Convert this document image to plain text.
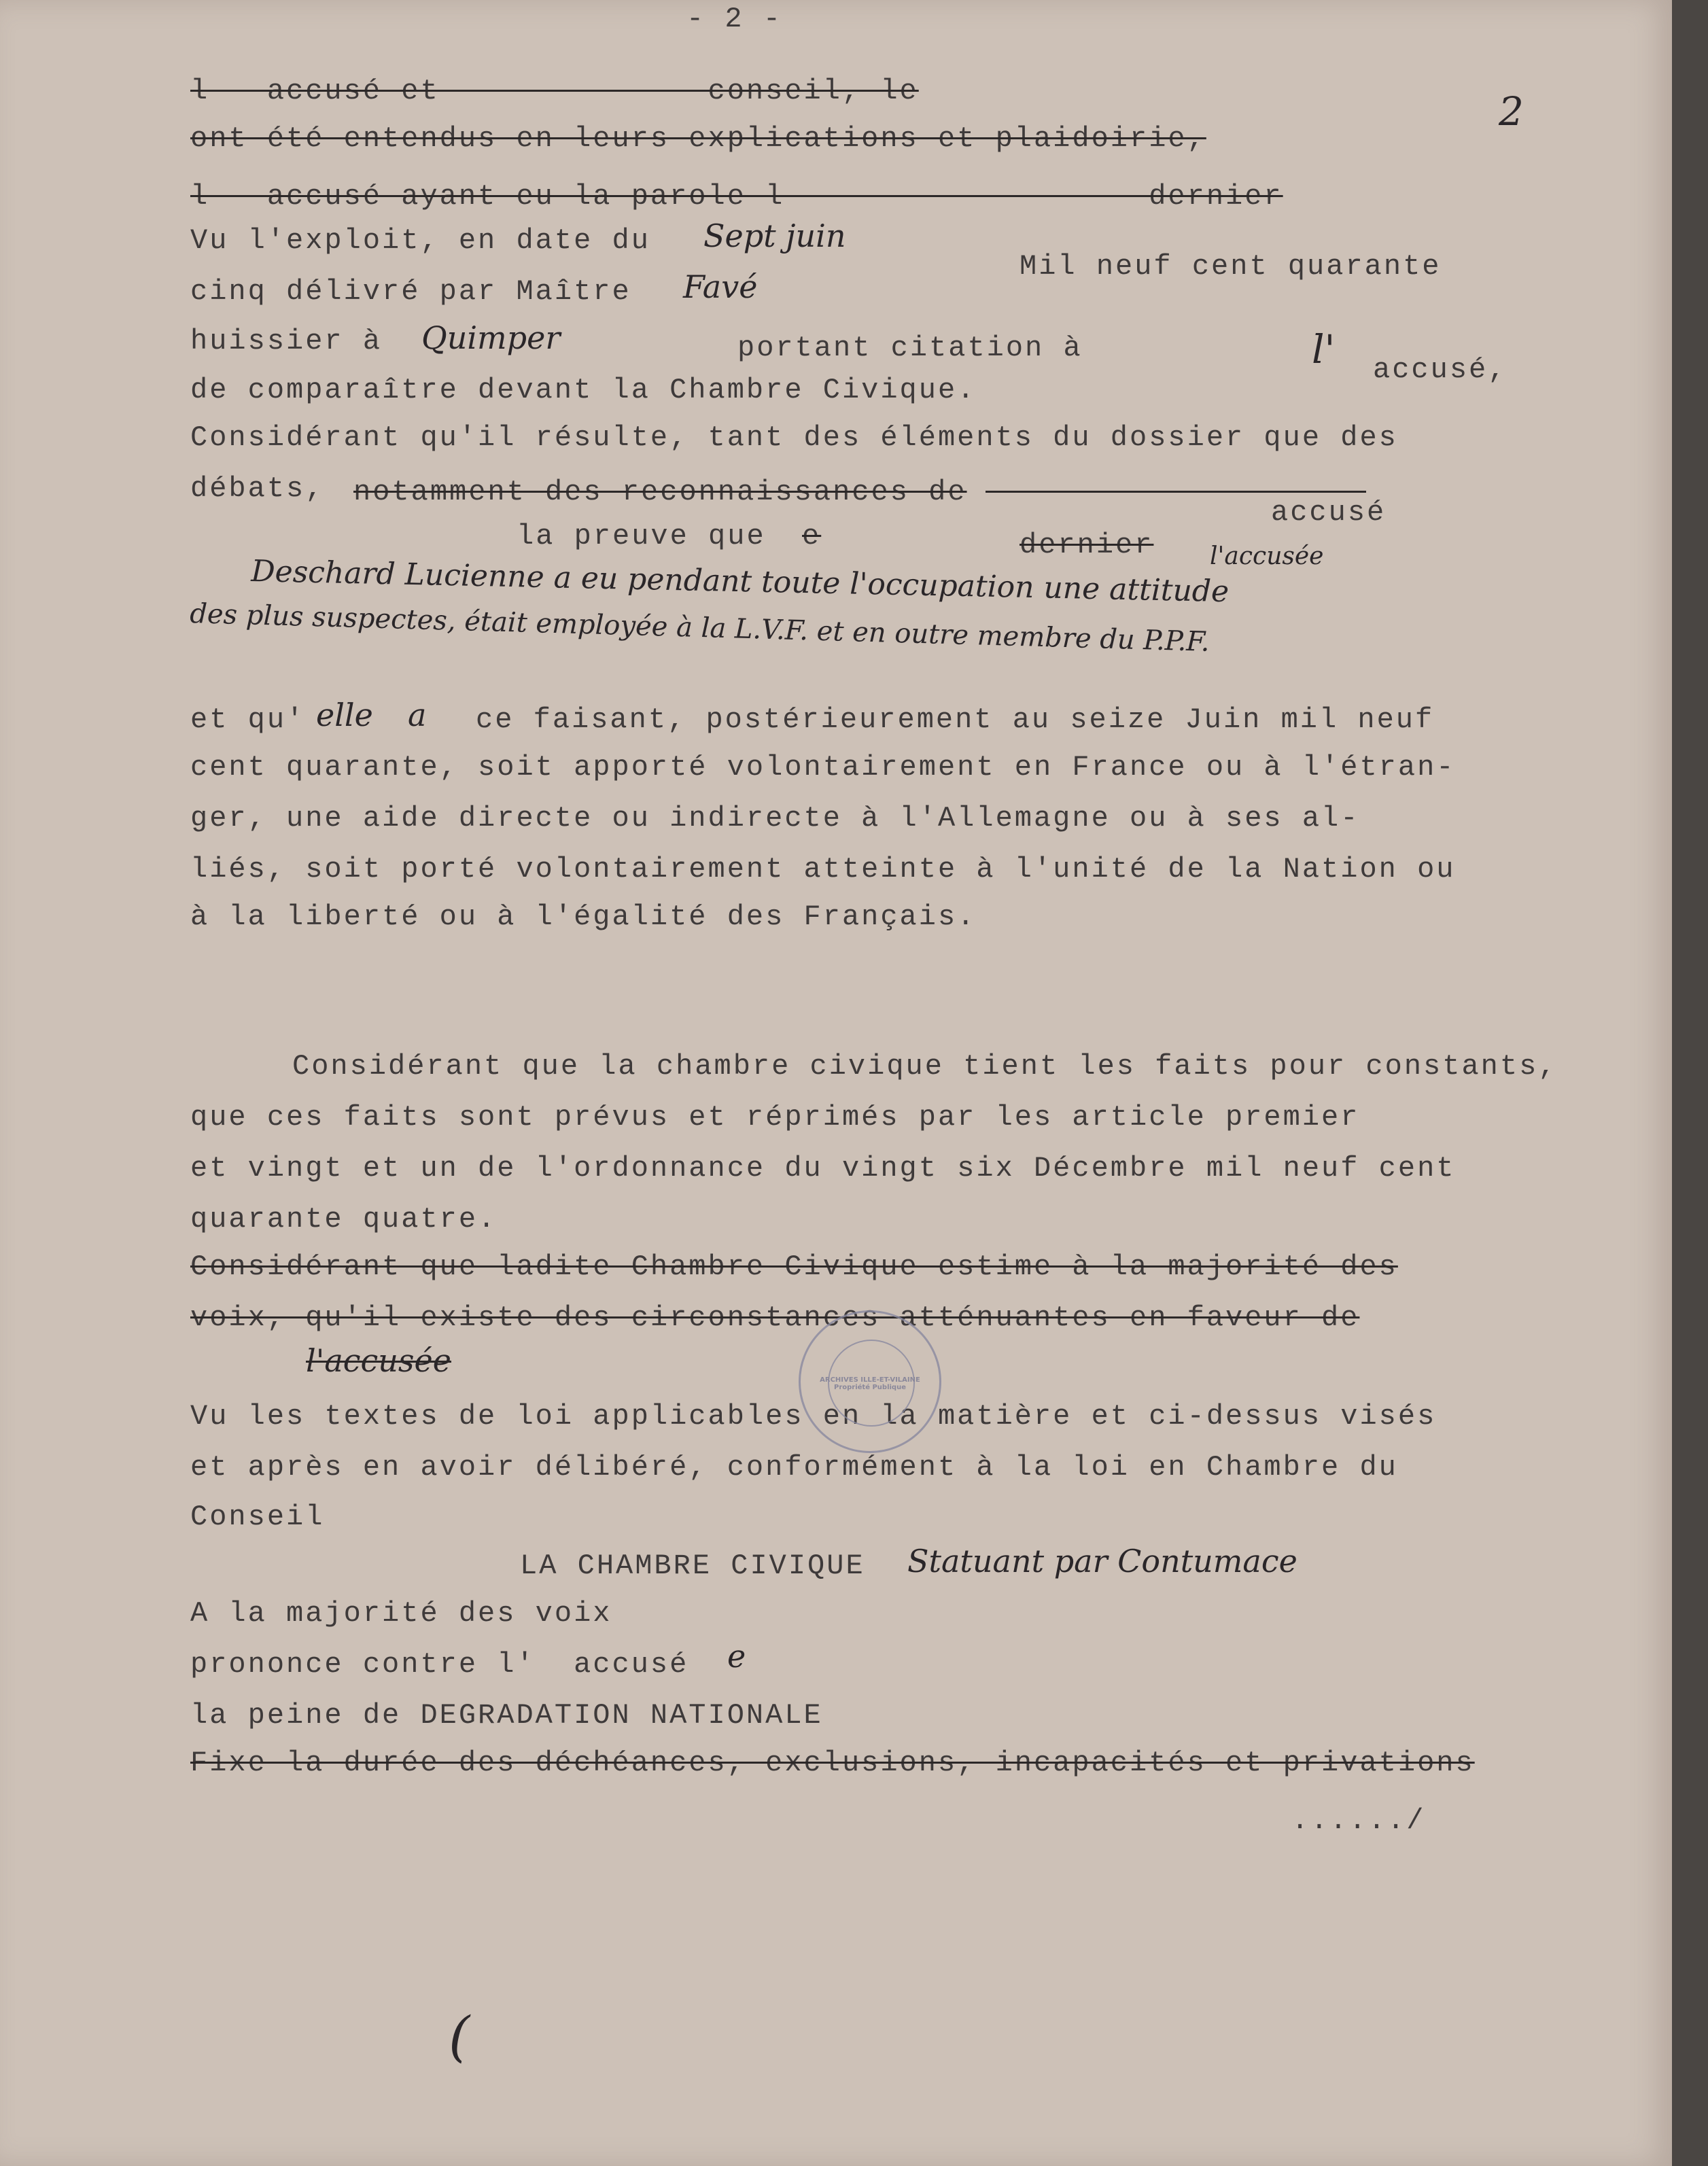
- 2 -
2
l   accusé et              conseil, le
ont été entendus en leurs explications et plaidoirie,
l   accusé ayant eu la parole l                   dernier
Vu l'exploit, en date du Sept juin
Mil neuf cent quarante
cinq délivré par Maître Favé
huissier à Quimper	portant citation à	l' accusé,
de comparaître devant la Chambre Civique.
Considérant qu'il résulte, tant des éléments du dossier que des
débats, notamment des reconnaissances de
accusé
la preuve que e	dernier l'accusée
Deschard Lucienne a eu pendant toute l'occupation une attitude
des plus suspectes, était employée à la L.V.F. et en outre membre du P.P.F.
et qu' elle a ce faisant, postérieurement au seize Juin mil neuf
cent quarante, soit apporté volontairement en France ou à l'étran-
ger, une aide directe ou indirecte à l'Allemagne ou à ses al-
liés, soit porté volontairement atteinte à l'unité de la Nation ou
à la liberté ou à l'égalité des Français.
Considérant que la chambre civique tient les faits pour constants,
que ces faits sont prévus et réprimés par les article premier
et vingt et un de l'ordonnance du vingt six Décembre mil neuf cent
quarante quatre.
Considérant que ladite Chambre Civique estime à la majorité des
voix, qu'il existe des circonstances atténuantes en faveur de
l'accusée
Vu les textes de loi applicables en la matière et ci-dessus visés
et après en avoir délibéré, conformément à la loi en Chambre du
Conseil
LA CHAMBRE CIVIQUE Statuant par Contumace
A la majorité des voix
prononce contre l'  accusé e
la peine de DEGRADATION NATIONALE
Fixe la durée des déchéances, exclusions, incapacités et privations
....../
(
ARCHIVES ILLE-ET-VILAINE Propriété Publique
